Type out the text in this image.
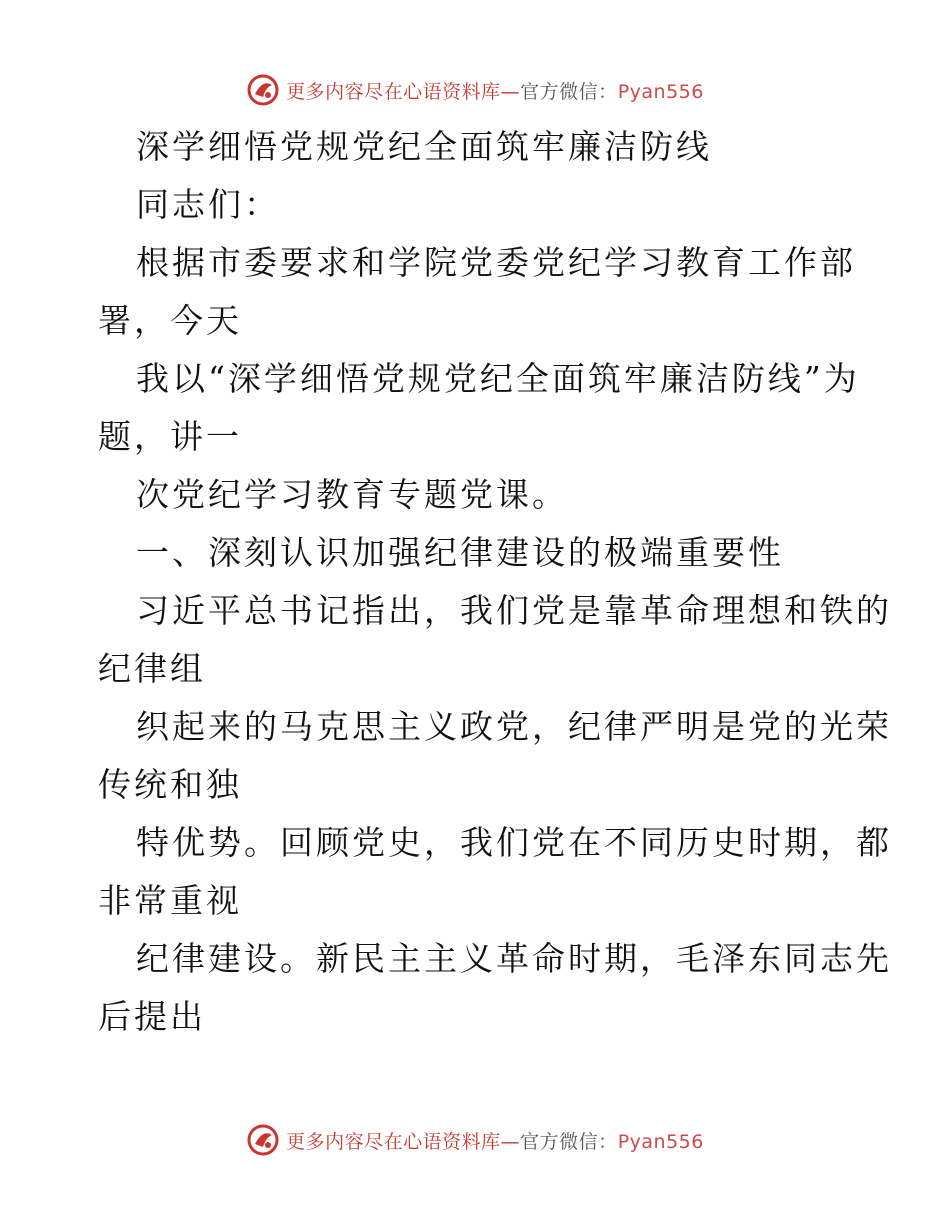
更多内容尽在心语资料库—官方微信：Pyan556
深学细悟党规党纪全面筑牢廉洁防线
同志们：
根据市委要求和学院党委党纪学习教育工作部
署，今天
我以“深学细悟党规党纪全面筑牢廉洁防线”为
题，讲一
次党纪学习教育专题党课。
一、深刻认识加强纪律建设的极端重要性
习近平总书记指出，我们党是靠革命理想和铁的
纪律组
织起来的马克思主义政党，纪律严明是党的光荣
传统和独
特优势。回顾党史，我们党在不同历史时期，都
非常重视
纪律建设。新民主主义革命时期，毛泽东同志先
后提出
更多内容尽在心语资料库—官方微信：Pyan556
